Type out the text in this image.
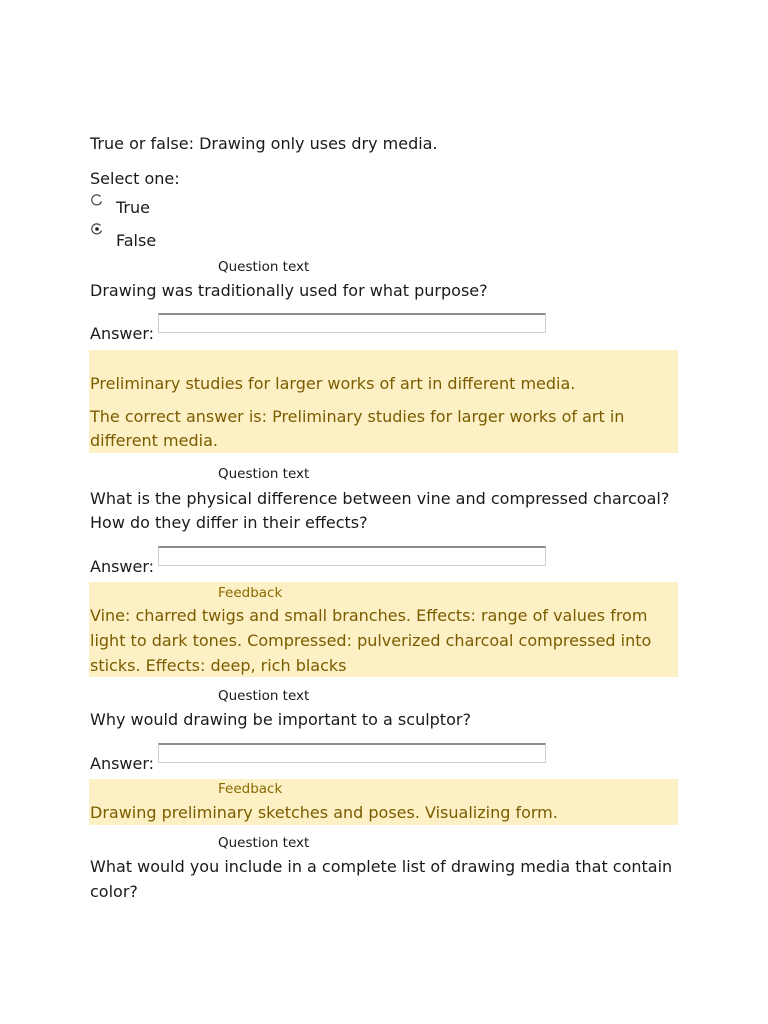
True or false: Drawing only uses dry media.
Select one:
True
False
Question text
Drawing was traditionally used for what purpose?
Answer:
Preliminary studies for larger works of art in different media.
The correct answer is: Preliminary studies for larger works of art in
different media.
Question text
What is the physical difference between vine and compressed charcoal?
How do they differ in their effects?
Answer:
Feedback
Vine: charred twigs and small branches. Effects: range of values from
light to dark tones. Compressed: pulverized charcoal compressed into
sticks. Effects: deep, rich blacks
Question text
Why would drawing be important to a sculptor?
Answer:
Feedback
Drawing preliminary sketches and poses. Visualizing form.
Question text
What would you include in a complete list of drawing media that contain
color?
